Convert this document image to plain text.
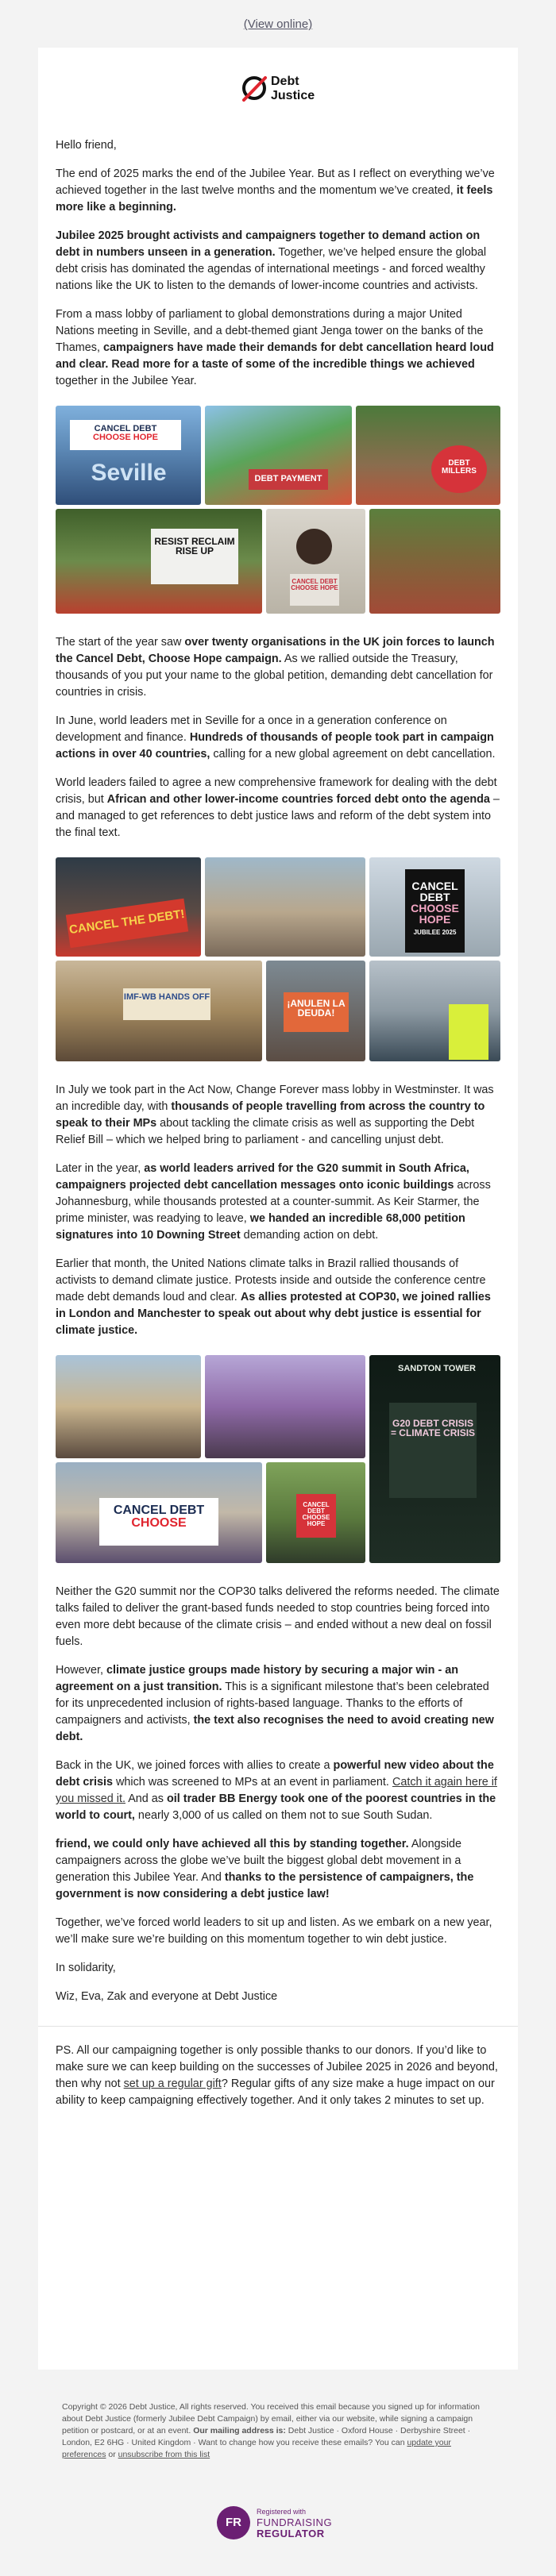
(View online)
Debt
Justice

Hello friend,

The end of 2025 marks the end of the Jubilee Year. But as I reflect on everything we’ve achieved together in the last twelve months and the momentum we’ve created, it feels more like a beginning.

Jubilee 2025 brought activists and campaigners together to demand action on debt in numbers unseen in a generation. Together, we’ve helped ensure the global debt crisis has dominated the agendas of international meetings - and forced wealthy nations like the UK to listen to the demands of lower-income countries and activists.

From a mass lobby of parliament to global demonstrations during a major United Nations meeting in Seville, and a debt-themed giant Jenga tower on the banks of the Thames, campaigners have made their demands for debt cancellation heard loud and clear. Read more for a taste of some of the incredible things we achieved together in the Jubilee Year.

CANCEL DEBT
CHOOSE HOPE
Seville	DEBT PAYMENT
DEBT MILLERS
RESIST RECLAIM RISE UP
CANCEL DEBT
CHOOSE HOPE

The start of the year saw over twenty organisations in the UK join forces to launch the Cancel Debt, Choose Hope campaign. As we rallied outside the Treasury, thousands of you put your name to the global petition, demanding debt cancellation for countries in crisis.

In June, world leaders met in Seville for a once in a generation conference on development and finance. Hundreds of thousands of people took part in campaign actions in over 40 countries, calling for a new global agreement on debt cancellation.

World leaders failed to agree a new comprehensive framework for dealing with the debt crisis, but African and other lower-income countries forced debt onto the agenda – and managed to get references to debt justice laws and reform of the debt system into the final text.

CANCEL THE DEBT!
CANCEL DEBT
CHOOSE HOPE
JUBILEE 2025
IMF-WB HANDS OFF
¡ANULEN LA DEUDA!

In July we took part in the Act Now, Change Forever mass lobby in Westminster. It was an incredible day, with thousands of people travelling from across the country to speak to their MPs about tackling the climate crisis as well as supporting the Debt Relief Bill – which we helped bring to parliament - and cancelling unjust debt.

Later in the year, as world leaders arrived for the G20 summit in South Africa, campaigners projected debt cancellation messages onto iconic buildings across Johannesburg, while thousands protested at a counter-summit. As Keir Starmer, the prime minister, was readying to leave, we handed an incredible 68,000 petition signatures into 10 Downing Street demanding action on debt.

Earlier that month, the United Nations climate talks in Brazil rallied thousands of activists to demand climate justice. Protests inside and outside the conference centre made debt demands loud and clear. As allies protested at COP30, we joined rallies in London and Manchester to speak out about why debt justice is essential for climate justice.

SANDTON TOWER
G20 DEBT CRISIS = CLIMATE CRISIS
CANCEL DEBT
CHOOSE
CANCEL DEBT
CHOOSE HOPE

Neither the G20 summit nor the COP30 talks delivered the reforms needed. The climate talks failed to deliver the grant-based funds needed to stop countries being forced into even more debt because of the climate crisis – and ended without a new deal on fossil fuels.

However, climate justice groups made history by securing a major win - an agreement on a just transition. This is a significant milestone that’s been celebrated for its unprecedented inclusion of rights-based language. Thanks to the efforts of campaigners and activists, the text also recognises the need to avoid creating new debt.

Back in the UK, we joined forces with allies to create a powerful new video about the debt crisis which was screened to MPs at an event in parliament. Catch it again here if you missed it. And as oil trader BB Energy took one of the poorest countries in the world to court, nearly 3,000 of us called on them not to sue South Sudan.

friend, we could only have achieved all this by standing together. Alongside campaigners across the globe we’ve built the biggest global debt movement in a generation this Jubilee Year. And thanks to the persistence of campaigners, the government is now considering a debt justice law!

Together, we’ve forced world leaders to sit up and listen. As we embark on a new year, we’ll make sure we’re building on this momentum together to win debt justice.

In solidarity,

Wiz, Eva, Zak and everyone at Debt Justice

PS. All our campaigning together is only possible thanks to our donors. If you’d like to make sure we can keep building on the successes of Jubilee 2025 in 2026 and beyond, then why not set up a regular gift? Regular gifts of any size make a huge impact on our ability to keep campaigning effectively together. And it only takes 2 minutes to set up.

Copyright © 2026 Debt Justice, All rights reserved. You received this email because you signed up for information about Debt Justice (formerly Jubilee Debt Campaign) by email, either via our website, while signing a campaign petition or postcard, or at an event. Our mailing address is: Debt Justice · Oxford House · Derbyshire Street · London, E2 6HG · United Kingdom · Want to change how you receive these emails? You can update your preferences or unsubscribe from this list
FR
Registered with
FUNDRAISING
REGULATOR
